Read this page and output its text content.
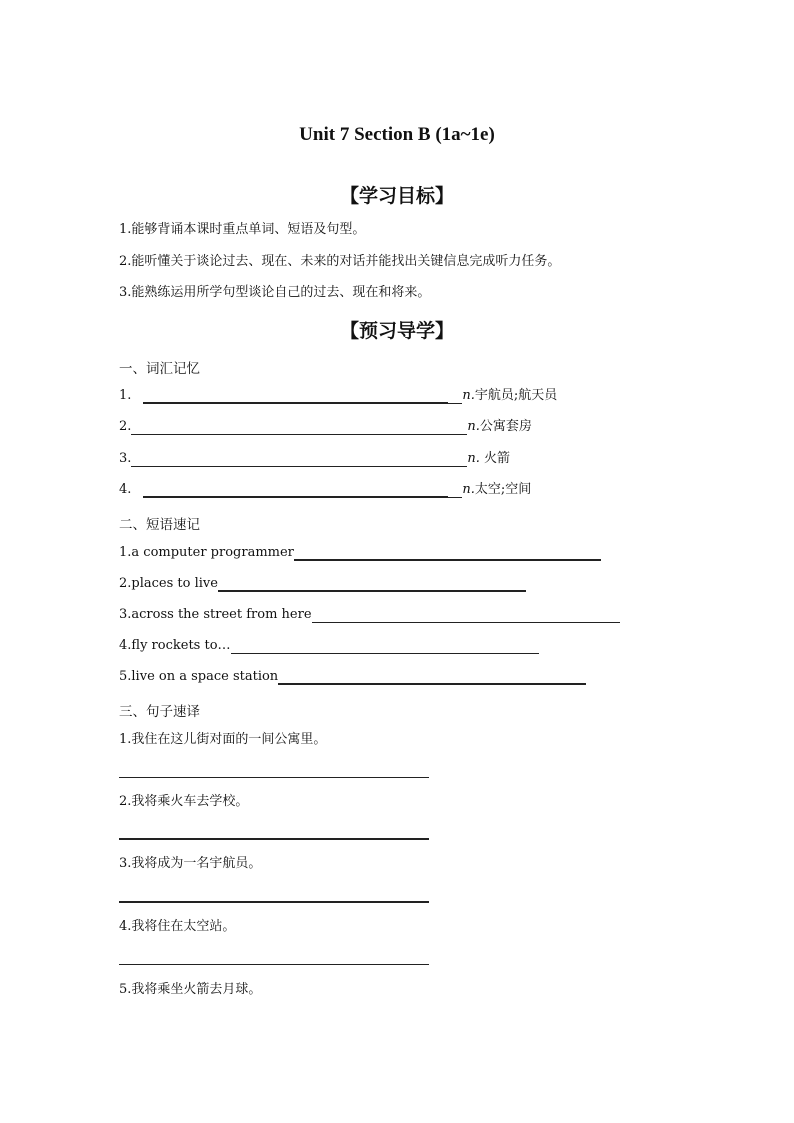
Unit 7 Section B (1a~1e)
【学习目标】
1.能够背诵本课时重点单词、短语及句型。
2.能听懂关于谈论过去、现在、未来的对话并能找出关键信息完成听力任务。
3.能熟练运用所学句型谈论自己的过去、现在和将来。
【预习导学】
一、词汇记忆
1.	n.宇航员;航天员
2.	n.公寓套房
3.	n. 火箭
4.	n.太空;空间
二、短语速记
1.a computer programmer
2.places to live
3.across the street from here
4.fly rockets to…
5.live on a space station
三、句子速译
1.我住在这儿街对面的一间公寓里。
2.我将乘火车去学校。
3.我将成为一名宇航员。
4.我将住在太空站。
5.我将乘坐火箭去月球。
